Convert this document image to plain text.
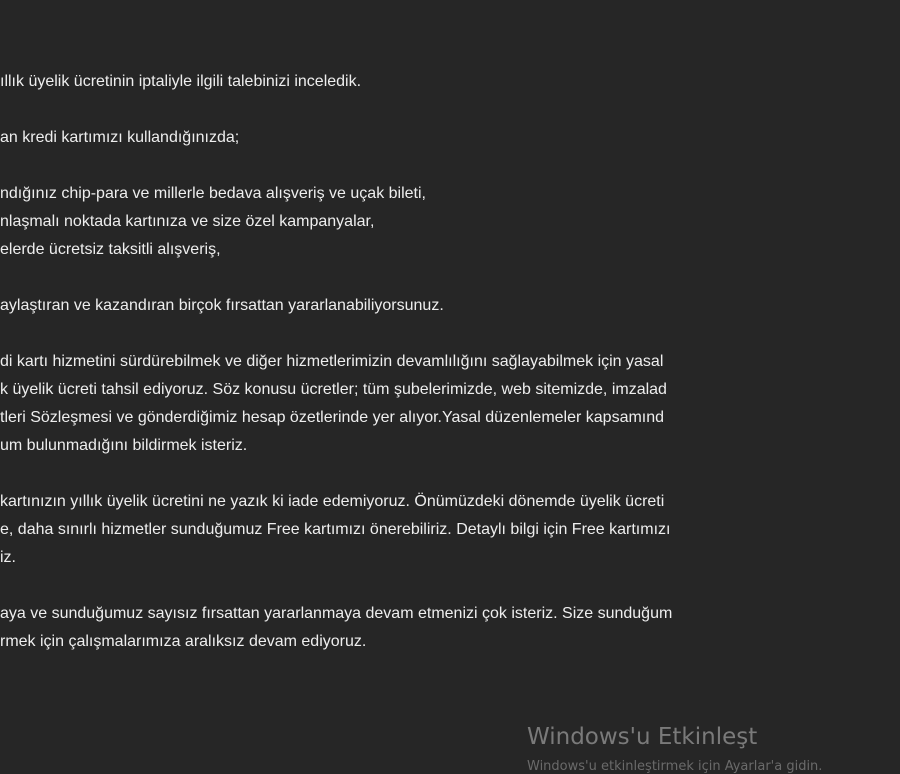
ıllık üyelik ücretinin iptaliyle ilgili talebinizi inceledik.
an kredi kartımızı kullandığınızda;
ndığınız chip-para ve millerle bedava alışveriş ve uçak bileti,
nlaşmalı noktada kartınıza ve size özel kampanyalar,
elerde ücretsiz taksitli alışveriş,
aylaştıran ve kazandıran birçok fırsattan yararlanabiliyorsunuz.
di kartı hizmetini sürdürebilmek ve diğer hizmetlerimizin devamlılığını sağlayabilmek için yasal
k üyelik ücreti tahsil ediyoruz. Söz konusu ücretler; tüm şubelerimizde, web sitemizde, imzalad
tleri Sözleşmesi ve gönderdiğimiz hesap özetlerinde yer alıyor.Yasal düzenlemeler kapsamınd
um bulunmadığını bildirmek isteriz.
kartınızın yıllık üyelik ücretini ne yazık ki iade edemiyoruz. Önümüzdeki dönemde üyelik ücreti
e, daha sınırlı hizmetler sunduğumuz Free kartımızı önerebiliriz. Detaylı bilgi için Free kartımızı
iz.
aya ve sunduğumuz sayısız fırsattan yararlanmaya devam etmenizi çok isteriz. Size sunduğum
rmek için çalışmalarımıza aralıksız devam ediyoruz.
Windows'u Etkinleşt
Windows'u etkinleştirmek için Ayarlar'a gidin.
